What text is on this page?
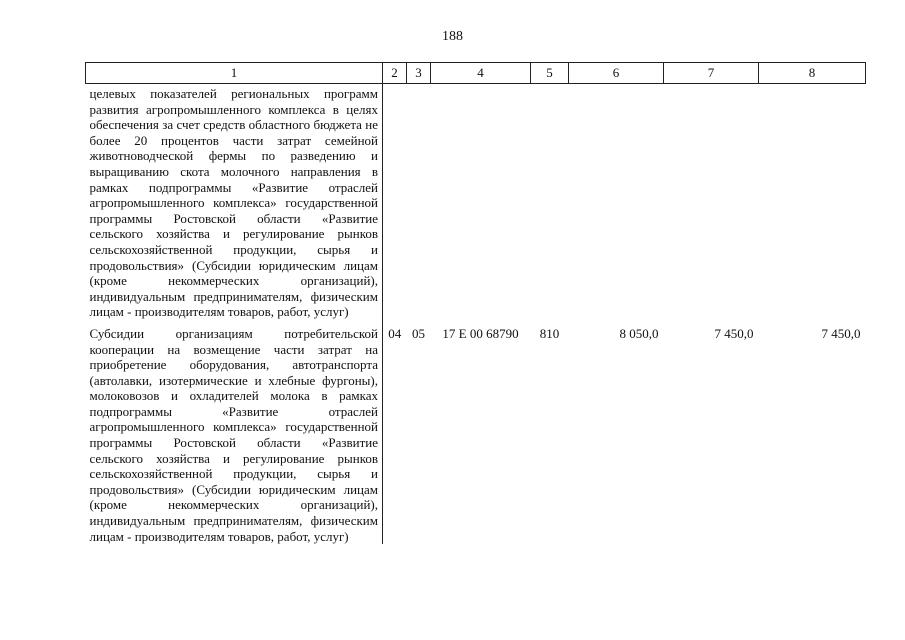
188
1	2	3	4	5	6	7	8
целевых показателей региональных программ развития агропромышленного комплекса в целях обеспечения за счет средств областного бюджета не более 20 процентов части затрат семейной животноводческой фермы по разведению и выращиванию скота молочного направления в рамках подпрограммы «Развитие отраслей агропромышленного комплекса» государственной программы Ростовской области «Развитие сельского хозяйства и регулирование рынков сельскохозяйственной продукции, сырья и продовольствия» (Субсидии юридическим лицам (кроме некоммерческих организаций), индивидуальным предпринимателям, физическим лицам - производителям товаров, работ, услуг)							
Субсидии организациям потребительской кооперации на возмещение части затрат на приобретение оборудования, автотранспорта (автолавки, изотермические и хлебные фургоны), молоковозов и охладителей молока в рамках подпрограммы «Развитие отраслей агропромышленного комплекса» государственной программы Ростовской области «Развитие сельского хозяйства и регулирование рынков сельскохозяйственной продукции, сырья и продовольствия» (Субсидии юридическим лицам (кроме некоммерческих организаций), индивидуальным предпринимателям, физическим лицам - производителям товаров, работ, услуг)	04	05	17 Е 00 68790	810	8 050,0	7 450,0	7 450,0
